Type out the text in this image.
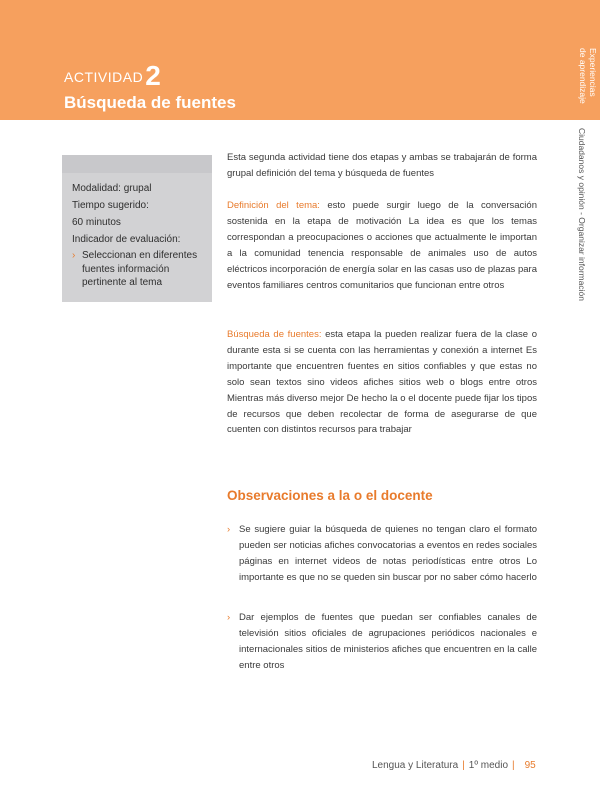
ACTIVIDAD2
Búsqueda de fuentes
Experiencias
de aprendizaje
Ciudadanos y opinión - Organizar información
Modalidad: grupal
Tiempo sugerido:
60 minutos
Indicador de evaluación:
› Seleccionan en diferentes fuentes información pertinente al tema
Esta segunda actividad tiene dos etapas y ambas se trabajarán de forma grupal definición del tema y búsqueda de fuentes
Definición del tema: esto puede surgir luego de la conversación sostenida en la etapa de motivación La idea es que los temas correspondan a preocupaciones o acciones que actualmente le importan a la comunidad tenencia responsable de animales uso de autos eléctricos incorporación de energía solar en las casas uso de plazas para eventos familiares centros comunitarios que funcionan entre otros
Búsqueda de fuentes: esta etapa la pueden realizar fuera de la clase o durante esta si se cuenta con las herramientas y conexión a internet Es importante que encuentren fuentes en sitios confiables y que estas no solo sean textos sino videos afiches sitios web o blogs entre otros Mientras más diverso mejor De hecho la o el docente puede fijar los tipos de recursos que deben recolectar de forma de asegurarse de que cuenten con distintos recursos para trabajar
Observaciones a la o el docente
› Se sugiere guiar la búsqueda de quienes no tengan claro el formato pueden ser noticias afiches convocatorias a eventos en redes sociales páginas en internet videos de notas periodísticas entre otros Lo importante es que no se queden sin buscar por no saber cómo hacerlo
› Dar ejemplos de fuentes que puedan ser confiables canales de televisión sitios oficiales de agrupaciones periódicos nacionales e internacionales sitios de ministerios afiches que encuentren en la calle entre otros
Lengua y Literatura | 1º medio | 95
